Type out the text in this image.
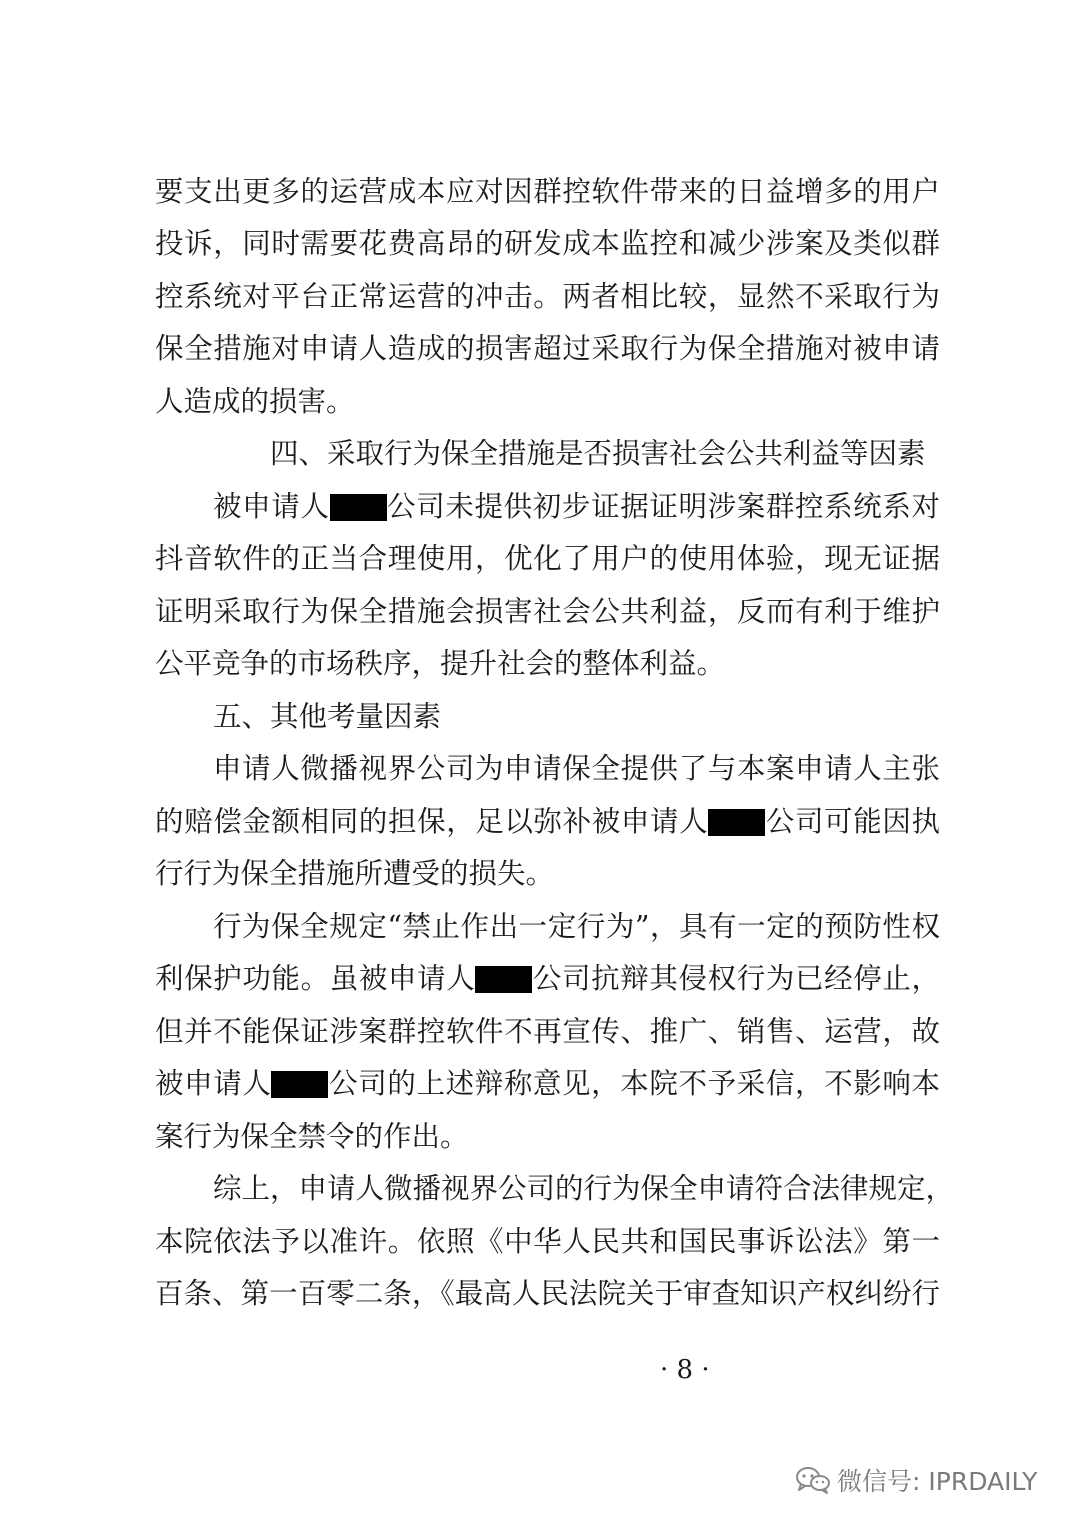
要支出更多的运营成本应对因群控软件带来的日益增多的用户
投诉，同时需要花费高昂的研发成本监控和减少涉案及类似群
控系统对平台正常运营的冲击。两者相比较，显然不采取行为
保全措施对申请人造成的损害超过采取行为保全措施对被申请
人造成的损害。
四、采取行为保全措施是否损害社会公共利益等因素
被申请人 公司未提供初步证据证明涉案群控系统系对
抖音软件的正当合理使用，优化了用户的使用体验，现无证据
证明采取行为保全措施会损害社会公共利益，反而有利于维护
公平竞争的市场秩序，提升社会的整体利益。
五、其他考量因素
申请人微播视界公司为申请保全提供了与本案申请人主张
的赔偿金额相同的担保，足以弥补被申请人 公司可能因执
行行为保全措施所遭受的损失。
行为保全规定“禁止作出一定行为”，具有一定的预防性权
利保护功能。虽被申请人 公司抗辩其侵权行为已经停止，
但并不能保证涉案群控软件不再宣传、推广、销售、运营，故
被申请人 公司的上述辩称意见，本院不予采信，不影响本
案行为保全禁令的作出。
综上，申请人微播视界公司的行为保全申请符合法律规定，
本院依法予以准许。依照《中华人民共和国民事诉讼法》第一
百条、第一百零二条，《最高人民法院关于审查知识产权纠纷行
· 8 ·
微信号: IPRDAILY
